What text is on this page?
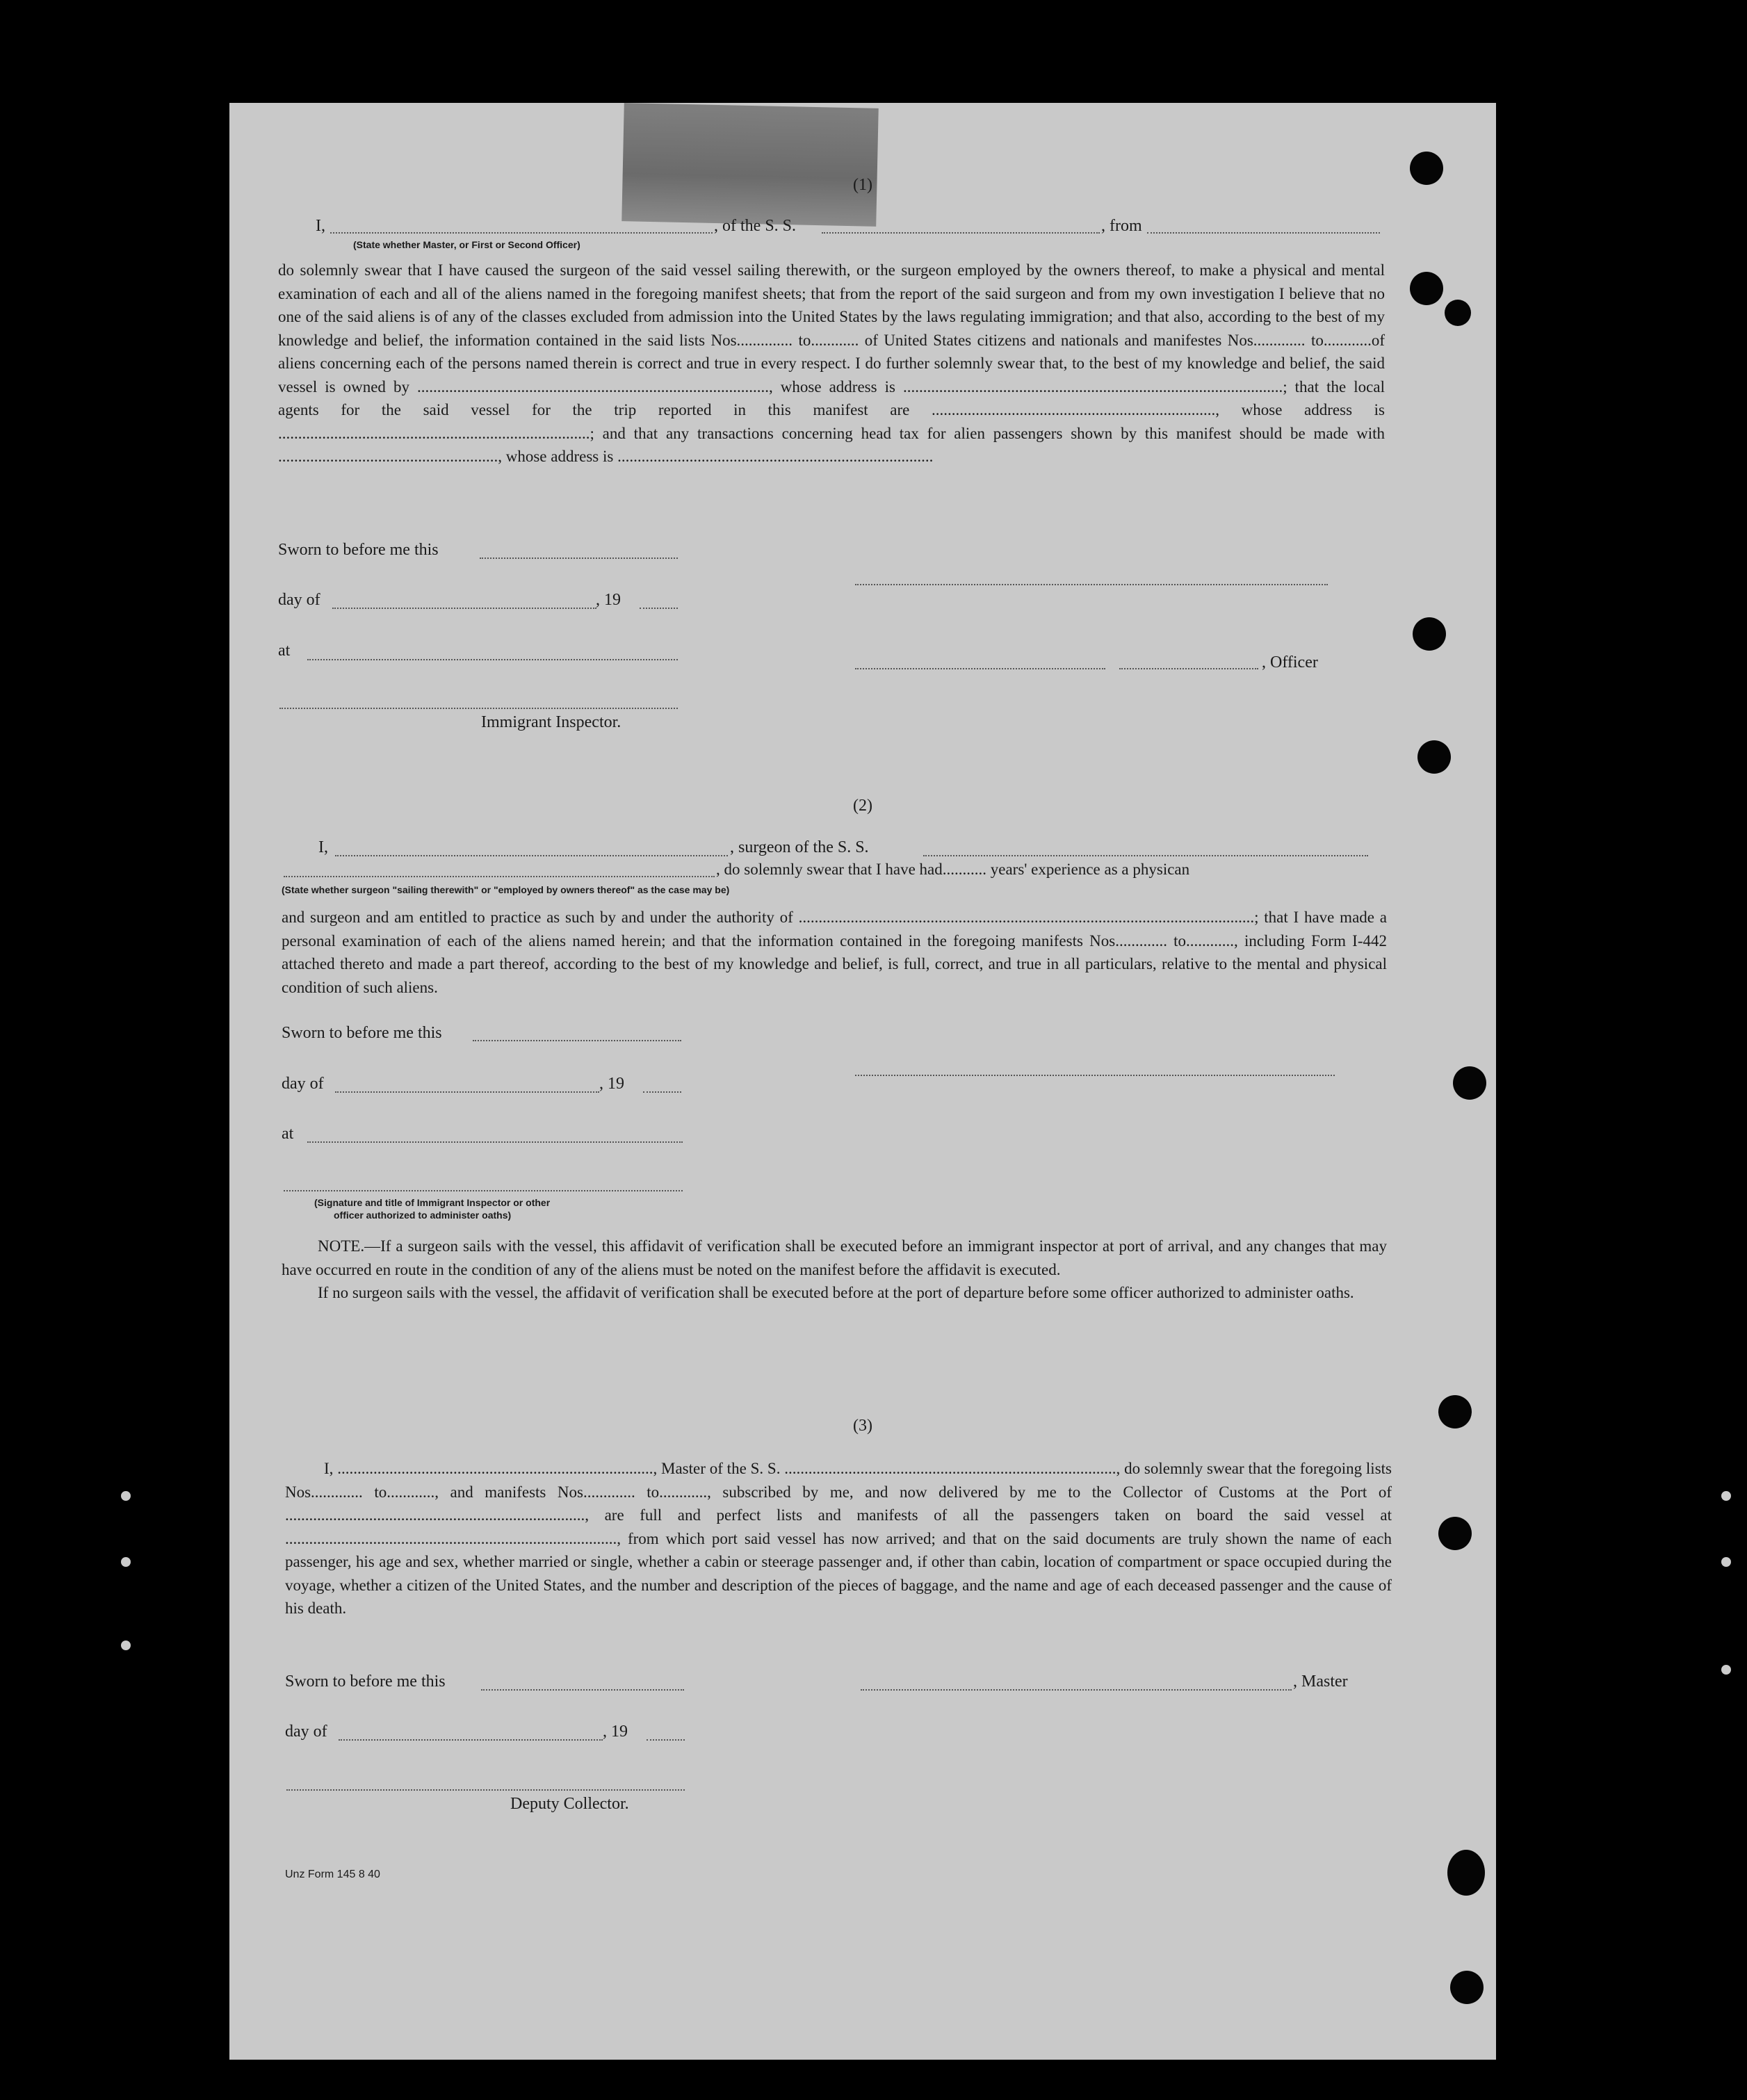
(1)
I,
(State whether Master, or First or Second Officer)
, of the S. S.	, from

do solemnly swear that I have caused the surgeon of the said vessel sailing therewith, or the surgeon employed by the owners thereof, to make a physical and mental examination of each and all of the aliens named in the foregoing manifest sheets; that from the report of the said surgeon and from my own investigation I believe that no one of the said aliens is of any of the classes excluded from admission into the United States by the laws regulating immigration; and that also, according to the best of my knowledge and belief, the information contained in the said lists Nos.............. to............ of United States citizens and nationals and manifestes Nos............. to............of aliens concerning each of the persons named therein is correct and true in every respect. I do further solemnly swear that, to the best of my knowledge and belief, the said vessel is owned by ........................................................................................, whose address is ...............................................................................................; that the local agents for the said vessel for the trip reported in this manifest are ......................................................................., whose address is ..............................................................................; and that any transactions concerning head tax for alien passengers shown by this manifest should be made with ......................................................., whose address is ...............................................................................

Sworn to before me this
day of	, 19
at
, Officer
Immigrant Inspector.
(2)
I,	, surgeon of the S. S.
, do solemnly swear that I have had........... years' experience as a physican
(State whether surgeon "sailing therewith" or "employed by owners thereof" as the case may be)

and surgeon and am entitled to practice as such by and under the authority of ..................................................................................................................; that I have made a personal examination of each of the aliens named herein; and that the information contained in the foregoing manifests Nos............. to............, including Form I-442 attached thereto and made a part thereof, according to the best of my knowledge and belief, is full, correct, and true in all particulars, relative to the mental and physical condition of such aliens.

Sworn to before me this
day of	, 19
at
(Signature and title of Immigrant Inspector or other
officer authorized to administer oaths)

NOTE.—If a surgeon sails with the vessel, this affidavit of verification shall be executed before an immigrant inspector at port of arrival, and any changes that may have occurred en route in the condition of any of the aliens must be noted on the manifest before the affidavit is executed.

If no surgeon sails with the vessel, the affidavit of verification shall be executed before at the port of departure before some officer authorized to administer oaths.

(3)

I, ..............................................................................., Master of the S. S. ..................................................................................., do solemnly swear that the foregoing lists Nos............. to............, and manifests Nos............. to............, subscribed by me, and now delivered by me to the Collector of Customs at the Port of ..........................................................................., are full and perfect lists and manifests of all the passengers taken on board the said vessel at ..................................................................................., from which port said vessel has now arrived; and that on the said documents are truly shown the name of each passenger, his age and sex, whether married or single, whether a cabin or steerage passenger and, if other than cabin, location of compartment or space occupied during the voyage, whether a citizen of the United States, and the number and description of the pieces of baggage, and the name and age of each deceased passenger and the cause of his death.

Sworn to before me this	, Master
day of	, 19
Deputy Collector.
Unz Form 145 8 40
